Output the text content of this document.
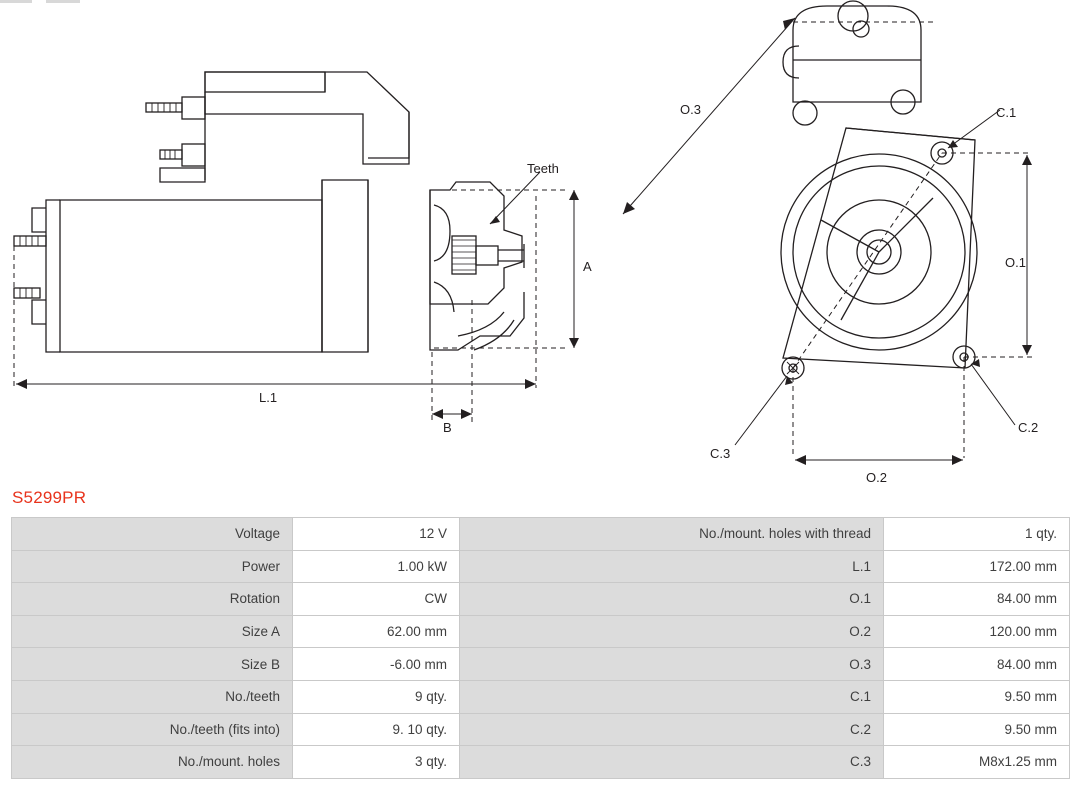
Teeth
A
L.1
B
O.1
O.2
O.3	C.1
C.2
C.3
S5299PR
Voltage	12 V	No./mount. holes with thread	1 qty.
Power	1.00 kW	L.1	172.00 mm
Rotation	CW	O.1	84.00 mm
Size A	62.00 mm	O.2	120.00 mm
Size B	-6.00 mm	O.3	84.00 mm
No./teeth	9 qty.	C.1	9.50 mm
No./teeth (fits into)	9. 10 qty.	C.2	9.50 mm
No./mount. holes	3 qty.	C.3	M8x1.25 mm
